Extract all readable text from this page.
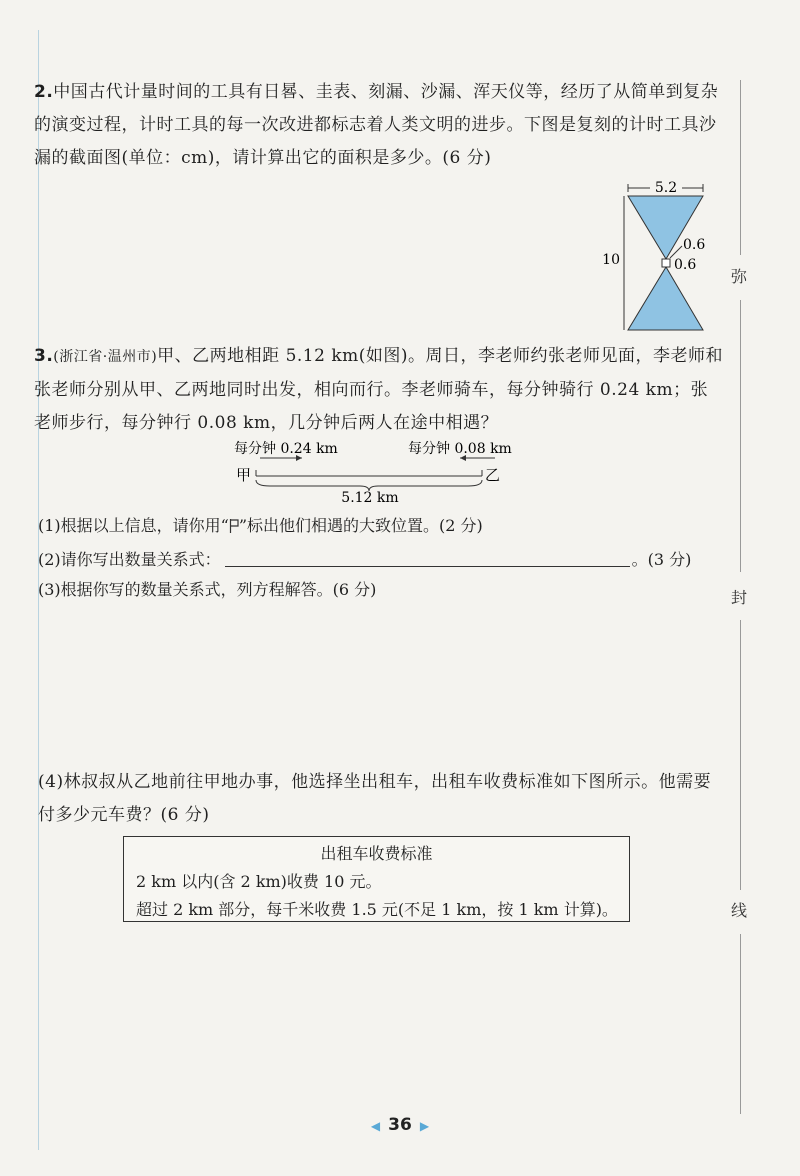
2.中国古代计量时间的工具有日晷、圭表、刻漏、沙漏、浑天仪等，经历了从简单到复杂的演变过程，计时工具的每一次改进都标志着人类文明的进步。下图是复刻的计时工具沙漏的截面图(单位：cm)，请计算出它的面积是多少。(6 分)
5.2
10
0.6
0.6
3.(浙江省·温州市)甲、乙两地相距 5.12 km(如图)。周日，李老师约张老师见面，李老师和张老师分别从甲、乙两地同时出发，相向而行。李老师骑车，每分钟骑行 0.24 km；张老师步行，每分钟行 0.08 km，几分钟后两人在途中相遇？
每分钟 0.24 km	每分钟 0.08 km
甲	乙
5.12 km
(1)根据以上信息，请你用“ ”标出他们相遇的大致位置。(2 分)
(2)请你写出数量关系式：	。(3 分)
(3)根据你写的数量关系式，列方程解答。(6 分)
(4)林叔叔从乙地前往甲地办事，他选择坐出租车，出租车收费标准如下图所示。他需要付多少元车费？(6 分)
出租车收费标准
2 km 以内(含 2 km)收费 10 元。
超过 2 km 部分，每千米收费 1.5 元(不足 1 km，按 1 km 计算)。
弥
封
线
◀ 36 ▶
